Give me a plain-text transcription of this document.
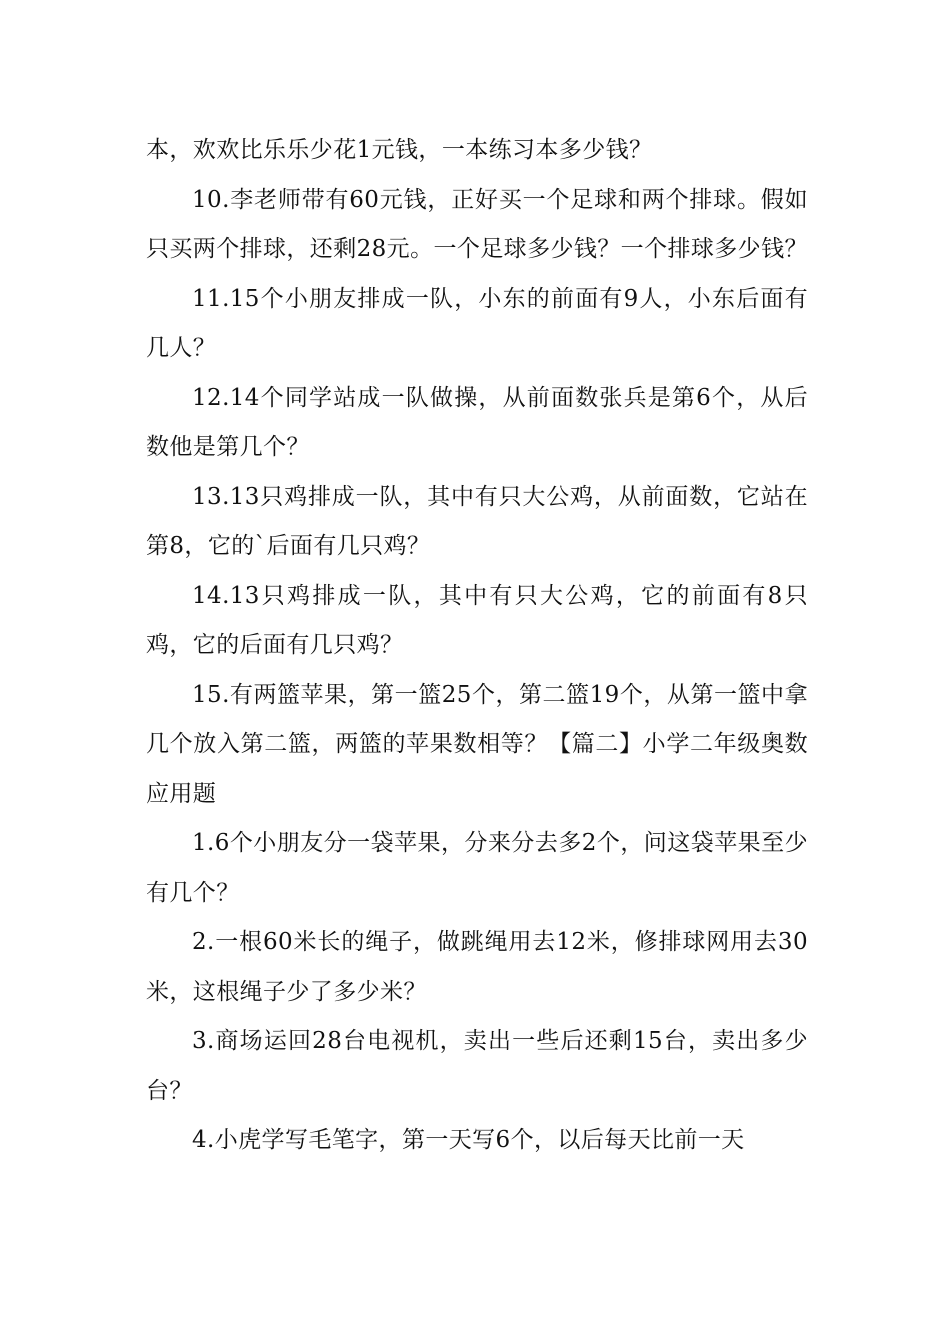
本，欢欢比乐乐少花1元钱，一本练习本多少钱？

10.李老师带有60元钱，正好买一个足球和两个排球。假如只买两个排球，还剩28元。一个足球多少钱？一个排球多少钱？

11.15个小朋友排成一队，小东的前面有9人，小东后面有几人？

12.14个同学站成一队做操，从前面数张兵是第6个，从后数他是第几个？

13.13只鸡排成一队，其中有只大公鸡，从前面数，它站在第8，它的`后面有几只鸡？

14.13只鸡排成一队，其中有只大公鸡，它的前面有8只鸡，它的后面有几只鸡？

15.有两篮苹果，第一篮25个，第二篮19个，从第一篮中拿几个放入第二篮，两篮的苹果数相等？【篇二】小学二年级奥数应用题

1.6个小朋友分一袋苹果，分来分去多2个，问这袋苹果至少有几个？

2.一根60米长的绳子，做跳绳用去12米，修排球网用去30米，这根绳子少了多少米？

3.商场运回28台电视机，卖出一些后还剩15台，卖出多少台？

4.小虎学写毛笔字，第一天写6个，以后每天比前一天
